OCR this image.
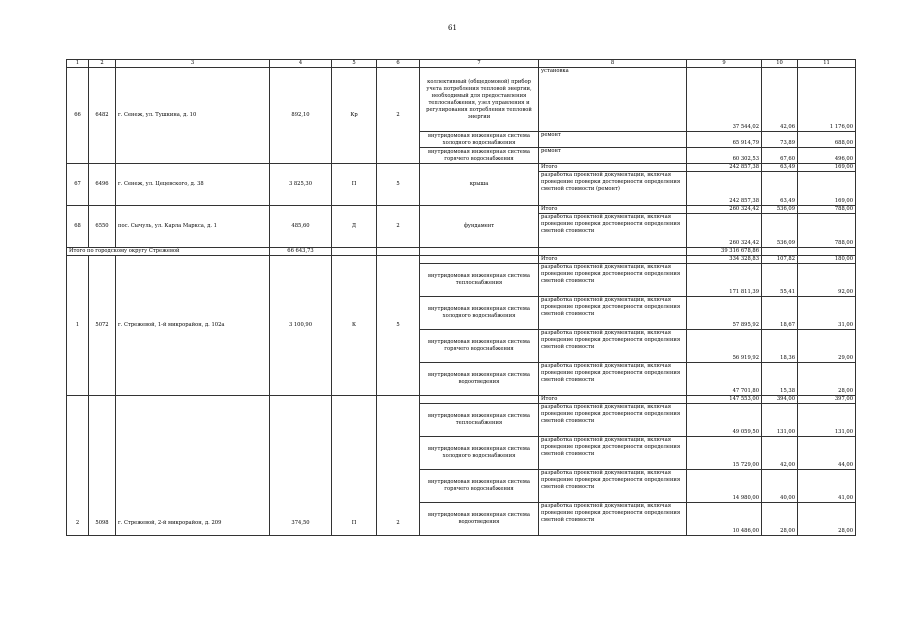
61
1	2	3	4	5	6	7	8	9	10	11
66	6482	г. Сенеж, ул. Тушкина, д. 10	892,10	Кр	2	коллективный (общедомовой) прибор учета потребления тепловой энергии, необходимый для предоставления теплоснабжения, узел управления и регулирования потребления тепловой энергии	установка	37 544,02	42,06	1 176,00
						внутридомовая инженерная система холодного водоснабжения	ремонт	65 914,79	73,89	688,00
						внутридомовая инженерная система горячего водоснабжения	ремонт	60 302,53	67,60	496,00
67	6496	г. Сенеж, ул. Цецевского, д. 38	3 825,30	П	5	крыша	Итого	242 857,38	63,49	169,00
							разработка проектной документации, включая проведение проверки достоверности определения сметной стоимости (ремонт)	242 857,38	63,49	169,00
68	6550	пос. Сычуль, ул. Карла Маркса, д. 1	485,60	Д	2	фундамент	Итого	260 324,42	536,09	788,00
							разработка проектной документации, включая проведение проверки достоверности определения сметной стоимости	260 324,42	536,09	788,00
Итого по городскому округу Стрежевой			66 643,73					39 316 678,86		
1	5072	г. Стрежевой, 1-й микрорайон, д. 102а	3 100,90	К	5		Итого	334 328,83	107,82	180,00
						внутридомовая инженерная система теплоснабжения	разработка проектной документации, включая проведение проверки достоверности определения сметной стоимости	171 811,39	55,41	92,00
						внутридомовая инженерная система холодного водоснабжения	разработка проектной документации, включая проведение проверки достоверности определения сметной стоимости	57 895,92	18,67	31,00
						внутридомовая инженерная система горячего водоснабжения	разработка проектной документации, включая проведение проверки достоверности определения сметной стоимости	56 919,92	18,36	29,00
						внутридомовая инженерная система водоотведения	разработка проектной документации, включая проведение проверки достоверности определения сметной стоимости	47 701,80	15,38	28,00
2	5098	г. Стрежевой, 2-й микрорайон, д. 209	374,50	П	2		Итого	147 553,00	394,00	397,00
						внутридомовая инженерная система теплоснабжения	разработка проектной документации, включая проведение проверки достоверности определения сметной стоимости	49 059,50	131,00	131,00
						внутридомовая инженерная система холодного водоснабжения	разработка проектной документации, включая проведение проверки достоверности определения сметной стоимости	15 729,00	42,00	44,00
						внутридомовая инженерная система горячего водоснабжения	разработка проектной документации, включая проведение проверки достоверности определения сметной стоимости	14 980,00	40,00	41,00
						внутридомовая инженерная система водоотведения	разработка проектной документации, включая проведение проверки достоверности определения сметной стоимости	10 486,00	28,00	28,00
